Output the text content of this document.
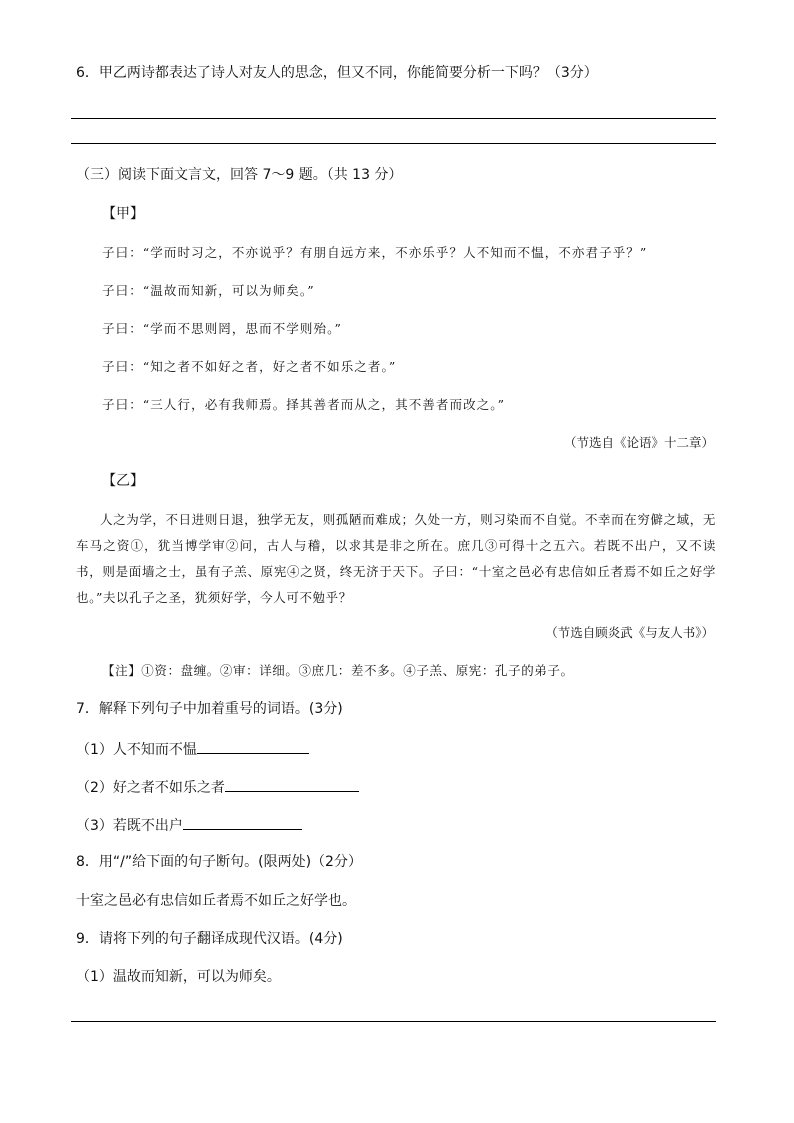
6．甲乙两诗都表达了诗人对友人的思念，但又不同，你能简要分析一下吗？（3分）
（三）阅读下面文言文，回答 7～9 题。（共 13 分）
【甲】
子曰：“学而时习之，不亦说乎？有朋自远方来，不亦乐乎？人不知而不愠，不亦君子乎？”
子曰：“温故而知新，可以为师矣。”
子曰：“学而不思则罔，思而不学则殆。”
子曰：“知之者不如好之者，好之者不如乐之者。”
子曰：“三人行，必有我师焉。择其善者而从之，其不善者而改之。”
（节选自《论语》十二章）
【乙】
人之为学，不日进则日退，独学无友，则孤陋而难成；久处一方，则习染而不自觉。不幸而在穷僻之域，无车马之资①，犹当博学审②问，古人与稽，以求其是非之所在。庶几③可得十之五六。若既不出户，又不读书，则是面墙之士，虽有子羔、原宪④之贤，终无济于天下。子曰：“十室之邑必有忠信如丘者焉不如丘之好学也。”夫以孔子之圣，犹须好学，今人可不勉乎？
（节选自顾炎武《与友人书》）
【注】①资：盘缠。②审：详细。③庶几：差不多。④子羔、原宪：孔子的弟子。
7．解释下列句子中加着重号的词语。(3分)
（1）人不知而不愠
（2）好之者不如乐之者
（3）若既不出户
8．用“/”给下面的句子断句。(限两处)（2分）
十室之邑必有忠信如丘者焉不如丘之好学也。
9．请将下列的句子翻译成现代汉语。(4分)
（1）温故而知新，可以为师矣。
